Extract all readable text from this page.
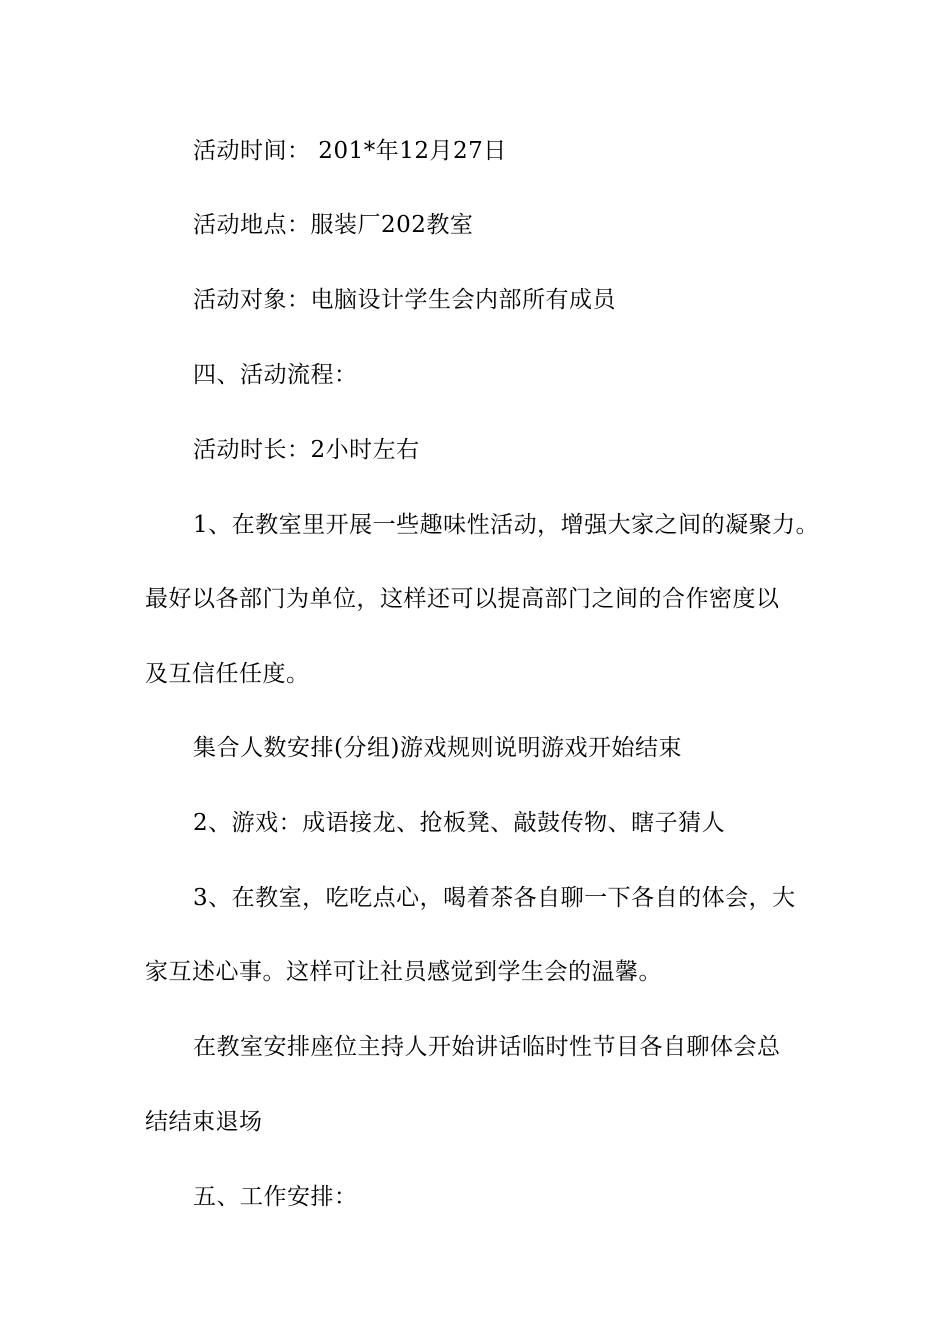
活动时间： 201*年12月27日
活动地点：服装厂202教室
活动对象：电脑设计学生会内部所有成员
四、活动流程：
活动时长：2小时左右
1、在教室里开展一些趣味性活动，增强大家之间的凝聚力。
最好以各部门为单位，这样还可以提高部门之间的合作密度以
及互信任任度。
集合人数安排(分组)游戏规则说明游戏开始结束
2、游戏：成语接龙、抢板凳、敲鼓传物、瞎子猜人
3、在教室，吃吃点心，喝着茶各自聊一下各自的体会，大
家互述心事。这样可让社员感觉到学生会的温馨。
在教室安排座位主持人开始讲话临时性节目各自聊体会总
结结束退场
五、工作安排：
